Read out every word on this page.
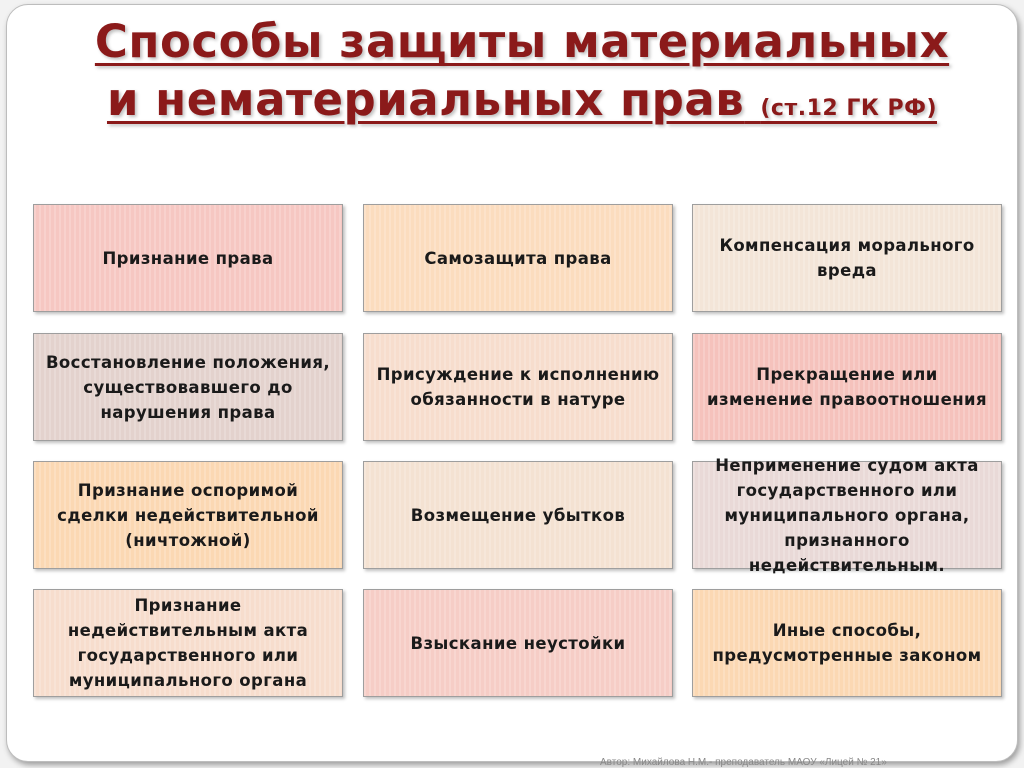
Способы защиты материальных
и нематериальных прав (ст.12 ГК РФ)
Признание права	Самозащита права
Компенсация морального вреда
Восстановление положения, существовавшего до нарушения права
Присуждение к исполнению обязанности в натуре
Прекращение или изменение правоотношения
Признание оспоримой сделки недействительной (ничтожной)
Возмещение убытков
Неприменение судом акта государственного или муниципального органа, признанного недействительным.
Признание недействительным акта государственного или муниципального органа
Взыскание неустойки
Иные способы, предусмотренные законом
Автор: Михайлова Н.М.- преподаватель МАОУ «Лицей № 21»
